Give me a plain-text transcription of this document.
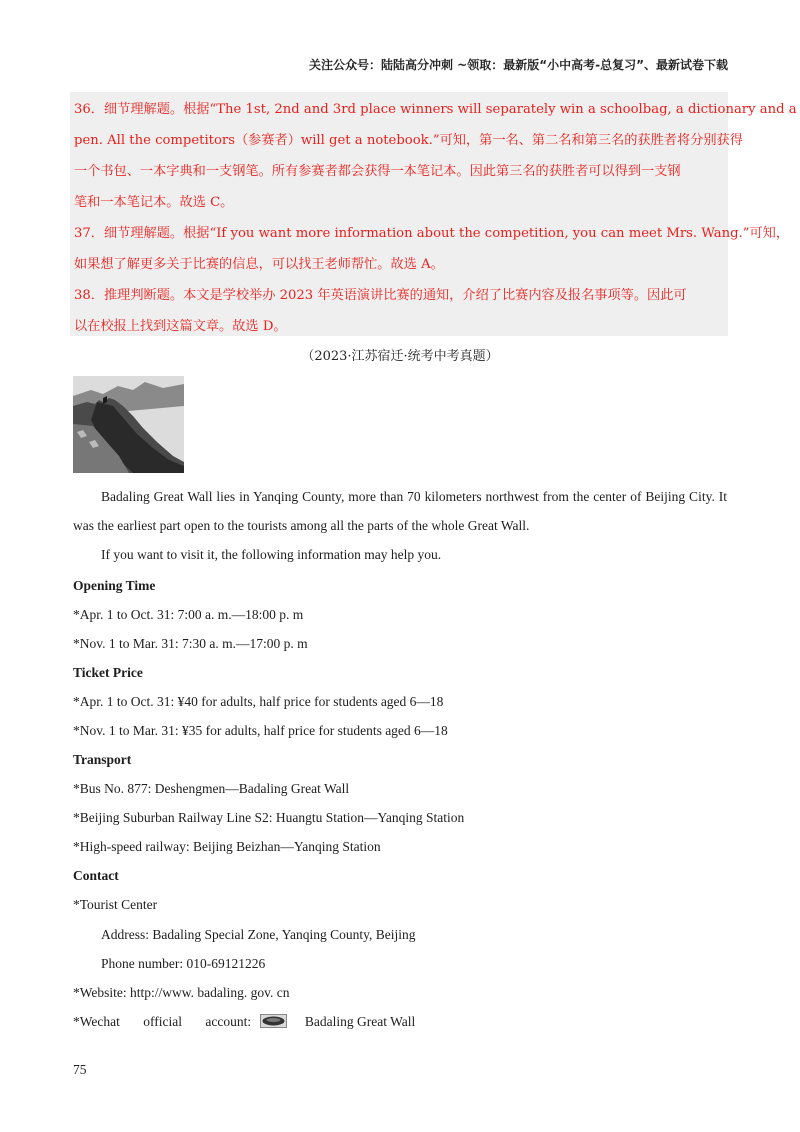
关注公众号：陆陆高分冲刺 ~领取：最新版“小中高考-总复习”、最新试卷下载
36．细节理解题。根据“The 1st, 2nd and 3rd place winners will separately win a schoolbag, a dictionary and a
pen. All the competitors（参赛者）will get a notebook.”可知，第一名、第二名和第三名的获胜者将分别获得
一个书包、一本字典和一支钢笔。所有参赛者都会获得一本笔记本。因此第三名的获胜者可以得到一支钢
笔和一本笔记本。故选 C。
37．细节理解题。根据“If you want more information about the competition, you can meet Mrs. Wang.”可知，
如果想了解更多关于比赛的信息，可以找王老师帮忙。故选 A。
38．推理判断题。本文是学校举办 2023 年英语演讲比赛的通知，介绍了比赛内容及报名事项等。因此可
以在校报上找到这篇文章。故选 D。
（2023·江苏宿迁·统考中考真题）
Badaling Great Wall lies in Yanqing County, more than 70 kilometers northwest from the center of Beijing City. It was the earliest part open to the tourists among all the parts of the whole Great Wall.
If you want to visit it, the following information may help you.
Opening Time
*Apr. 1 to Oct. 31: 7:00 a. m.—18:00 p. m
*Nov. 1 to Mar. 31: 7:30 a. m.—17:00 p. m
Ticket Price
*Apr. 1 to Oct. 31: ¥40 for adults, half price for students aged 6—18
*Nov. 1 to Mar. 31: ¥35 for adults, half price for students aged 6—18
Transport
*Bus No. 877: Deshengmen—Badaling Great Wall
*Beijing Suburban Railway Line S2: Huangtu Station—Yanqing Station
*High-speed railway: Beijing Beizhan—Yanqing Station
Contact
*Tourist Center
Address: Badaling Special Zone, Yanqing County, Beijing
Phone number: 010-69121226
*Website: http://www. badaling. gov. cn
*Wechat official account:	Badaling Great Wall
75
